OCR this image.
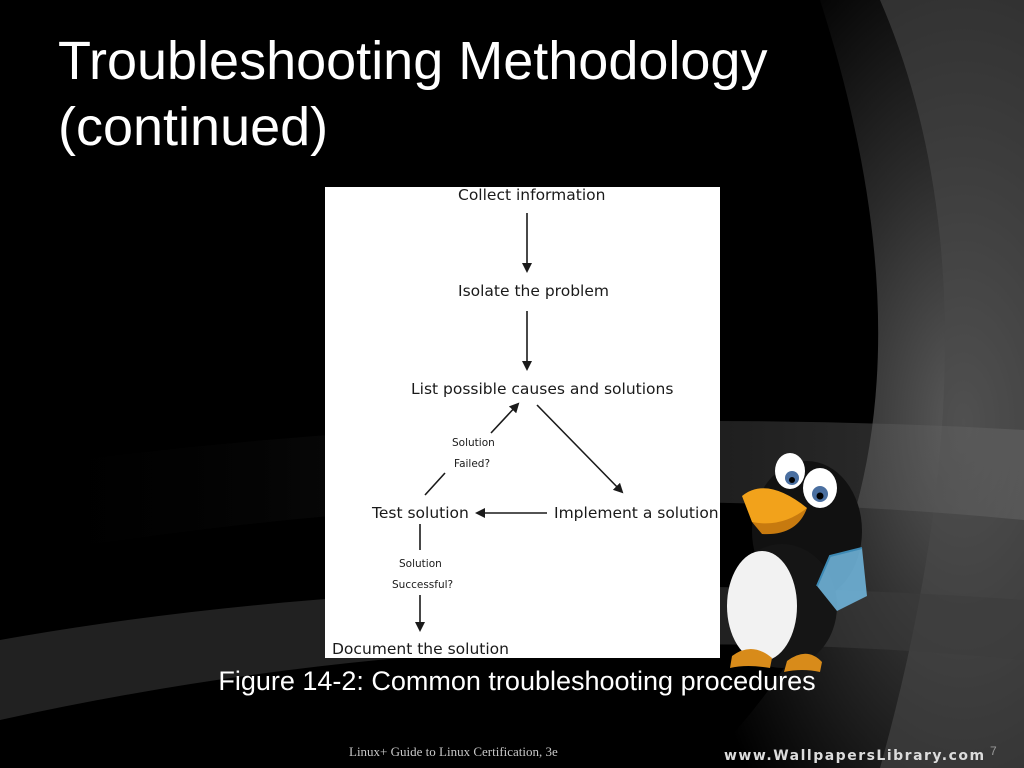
Troubleshooting Methodology
(continued)
Collect information
Isolate the problem
List possible causes and solutions
Implement a solution
Test solution
Document the solution
Solution
Failed?
Solution
Successful?
Figure 14-2: Common troubleshooting procedures
Linux+ Guide to Linux Certification, 3e	7
www.WallpapersLibrary.com
